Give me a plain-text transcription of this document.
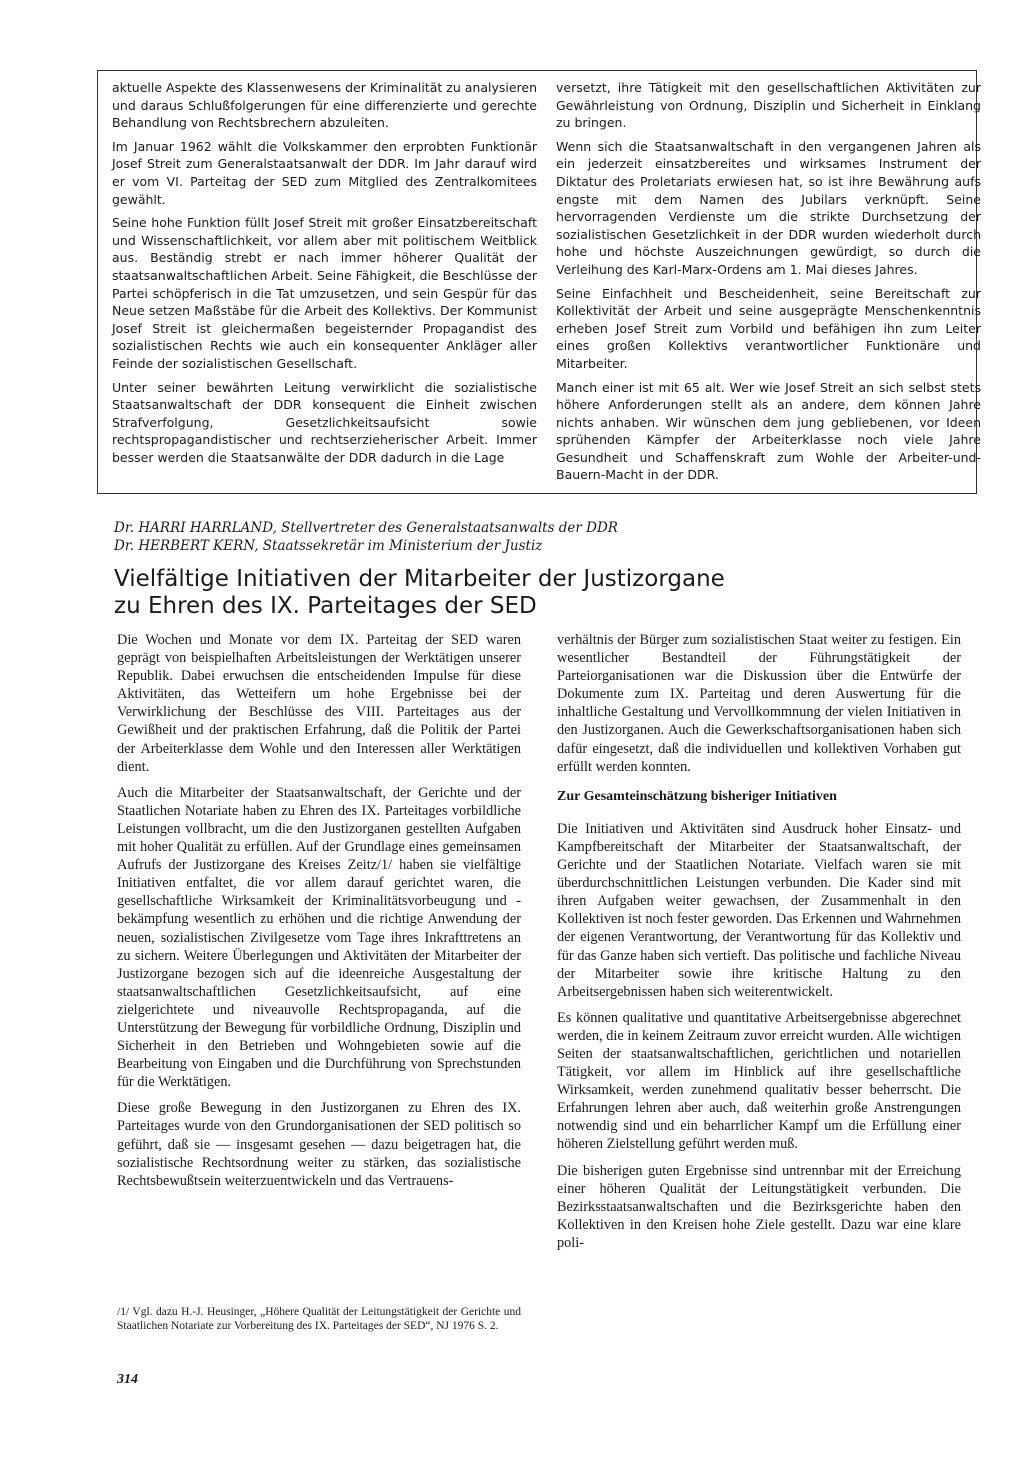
aktuelle Aspekte des Klassenwesens der Kriminalität zu analysieren und daraus Schlußfolgerungen für eine differenzierte und gerechte Behandlung von Rechtsbrechern abzuleiten.

Im Januar 1962 wählt die Volkskammer den erprobten Funktionär Josef Streit zum Generalstaatsanwalt der DDR. Im Jahr darauf wird er vom VI. Parteitag der SED zum Mitglied des Zentralkomitees gewählt.

Seine hohe Funktion füllt Josef Streit mit großer Einsatzbereitschaft und Wissenschaftlichkeit, vor allem aber mit politischem Weitblick aus. Beständig strebt er nach immer höherer Qualität der staatsanwaltschaftlichen Arbeit. Seine Fähigkeit, die Beschlüsse der Partei schöpferisch in die Tat umzusetzen, und sein Gespür für das Neue setzen Maßstäbe für die Arbeit des Kollektivs. Der Kommunist Josef Streit ist gleichermaßen begeisternder Propagandist des sozialistischen Rechts wie auch ein konsequenter Ankläger aller Feinde der sozialistischen Gesellschaft.

Unter seiner bewährten Leitung verwirklicht die sozialistische Staatsanwaltschaft der DDR konsequent die Einheit zwischen Strafverfolgung, Gesetzlichkeitsaufsicht sowie rechtspropagandistischer und rechtserzieherischer Arbeit. Immer besser werden die Staatsanwälte der DDR dadurch in die Lage

versetzt, ihre Tätigkeit mit den gesellschaftlichen Aktivitäten zur Gewährleistung von Ordnung, Disziplin und Sicherheit in Einklang zu bringen.

Wenn sich die Staatsanwaltschaft in den vergangenen Jahren als ein jederzeit einsatzbereites und wirksames Instrument der Diktatur des Proletariats erwiesen hat, so ist ihre Bewährung aufs engste mit dem Namen des Jubilars verknüpft. Seine hervorragenden Verdienste um die strikte Durchsetzung der sozialistischen Gesetzlichkeit in der DDR wurden wiederholt durch hohe und höchste Auszeichnungen gewürdigt, so durch die Verleihung des Karl-Marx-Ordens am 1. Mai dieses Jahres.

Seine Einfachheit und Bescheidenheit, seine Bereitschaft zur Kollektivität der Arbeit und seine ausgeprägte Menschenkenntnis erheben Josef Streit zum Vorbild und befähigen ihn zum Leiter eines großen Kollektivs verantwortlicher Funktionäre und Mitarbeiter.

Manch einer ist mit 65 alt. Wer wie Josef Streit an sich selbst stets höhere Anforderungen stellt als an andere, dem können Jahre nichts anhaben. Wir wünschen dem jung gebliebenen, vor Ideen sprühenden Kämpfer der Arbeiterklasse noch viele Jahre Gesundheit und Schaffenskraft zum Wohle der Arbeiter-und-Bauern-Macht in der DDR.

Dr. HARRI HARRLAND, Stellvertreter des Generalstaatsanwalts der DDR
Dr. HERBERT KERN, Staatssekretär im Ministerium der Justiz
Vielfältige Initiativen der Mitarbeiter der Justizorgane
zu Ehren des IX. Parteitages der SED

Die Wochen und Monate vor dem IX. Parteitag der SED waren geprägt von beispielhaften Arbeitsleistungen der Werktätigen unserer Republik. Dabei erwuchsen die entscheidenden Impulse für diese Aktivitäten, das Wetteifern um hohe Ergebnisse bei der Verwirklichung der Beschlüsse des VIII. Parteitages aus der Gewißheit und der praktischen Erfahrung, daß die Politik der Partei der Arbeiterklasse dem Wohle und den Interessen aller Werktätigen dient.

Auch die Mitarbeiter der Staatsanwaltschaft, der Gerichte und der Staatlichen Notariate haben zu Ehren des IX. Parteitages vorbildliche Leistungen vollbracht, um die den Justizorganen gestellten Aufgaben mit hoher Qualität zu erfüllen. Auf der Grundlage eines gemeinsamen Aufrufs der Justizorgane des Kreises Zeitz/1/ haben sie vielfältige Initiativen entfaltet, die vor allem darauf gerichtet waren, die gesellschaftliche Wirksamkeit der Kriminalitätsvorbeugung und -bekämpfung wesentlich zu erhöhen und die richtige Anwendung der neuen, sozialistischen Zivilgesetze vom Tage ihres Inkrafttretens an zu sichern. Weitere Überlegungen und Aktivitäten der Mitarbeiter der Justizorgane bezogen sich auf die ideenreiche Ausgestaltung der staatsanwaltschaftlichen Gesetzlichkeitsaufsicht, auf eine zielgerichtete und niveauvolle Rechtspropaganda, auf die Unterstützung der Bewegung für vorbildliche Ordnung, Disziplin und Sicherheit in den Betrieben und Wohngebieten sowie auf die Bearbeitung von Eingaben und die Durchführung von Sprechstunden für die Werktätigen.

Diese große Bewegung in den Justizorganen zu Ehren des IX. Parteitages wurde von den Grundorganisationen der SED politisch so geführt, daß sie — insgesamt gesehen — dazu beigetragen hat, die sozialistische Rechtsordnung weiter zu stärken, das sozialistische Rechtsbewußtsein weiterzuentwickeln und das Vertrauens-

verhältnis der Bürger zum sozialistischen Staat weiter zu festigen. Ein wesentlicher Bestandteil der Führungstätigkeit der Parteiorganisationen war die Diskussion über die Entwürfe der Dokumente zum IX. Parteitag und deren Auswertung für die inhaltliche Gestaltung und Vervollkommnung der vielen Initiativen in den Justizorganen. Auch die Gewerkschaftsorganisationen haben sich dafür eingesetzt, daß die individuellen und kollektiven Vorhaben gut erfüllt werden konnten.

Zur Gesamteinschätzung bisheriger Initiativen

Die Initiativen und Aktivitäten sind Ausdruck hoher Einsatz- und Kampfbereitschaft der Mitarbeiter der Staatsanwaltschaft, der Gerichte und der Staatlichen Notariate. Vielfach waren sie mit überdurchschnittlichen Leistungen verbunden. Die Kader sind mit ihren Aufgaben weiter gewachsen, der Zusammenhalt in den Kollektiven ist noch fester geworden. Das Erkennen und Wahrnehmen der eigenen Verantwortung, der Verantwortung für das Kollektiv und für das Ganze haben sich vertieft. Das politische und fachliche Niveau der Mitarbeiter sowie ihre kritische Haltung zu den Arbeitsergebnissen haben sich weiterentwickelt.

Es können qualitative und quantitative Arbeitsergebnisse abgerechnet werden, die in keinem Zeitraum zuvor erreicht wurden. Alle wichtigen Seiten der staatsanwaltschaftlichen, gerichtlichen und notariellen Tätigkeit, vor allem im Hinblick auf ihre gesellschaftliche Wirksamkeit, werden zunehmend qualitativ besser beherrscht. Die Erfahrungen lehren aber auch, daß weiterhin große Anstrengungen notwendig sind und ein beharrlicher Kampf um die Erfüllung einer höheren Zielstellung geführt werden muß.

Die bisherigen guten Ergebnisse sind untrennbar mit der Erreichung einer höheren Qualität der Leitungstätigkeit verbunden. Die Bezirksstaatsanwaltschaften und die Bezirksgerichte haben den Kollektiven in den Kreisen hohe Ziele gestellt. Dazu war eine klare poli-

/1/ Vgl. dazu H.-J. Heusinger, „Höhere Qualität der Leitungstätigkeit der Gerichte und Staatlichen Notariate zur Vorbereitung des IX. Parteitages der SED“, NJ 1976 S. 2.

314
